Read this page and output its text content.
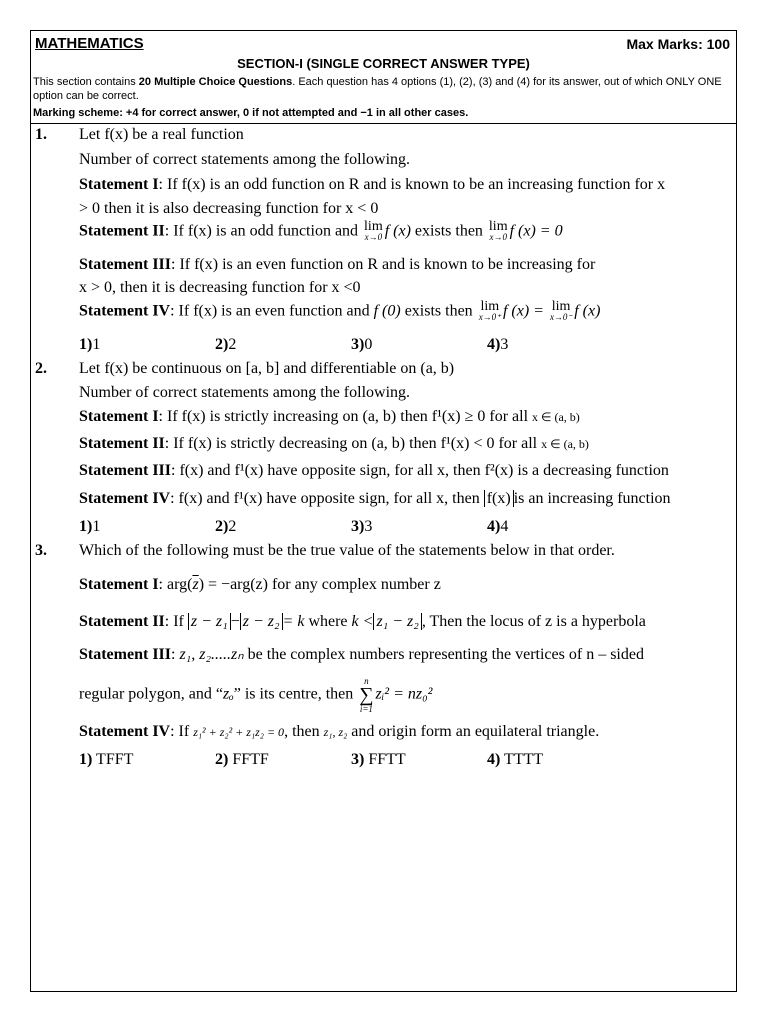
MATHEMATICS	Max Marks: 100
SECTION-I (SINGLE CORRECT ANSWER TYPE)
This section contains 20 Multiple Choice Questions. Each question has 4 options (1), (2), (3) and (4) for its answer, out of which ONLY ONE option can be correct.
Marking scheme: +4 for correct answer, 0 if not attempted and −1 in all other cases.
1. Let f(x) be a real function
Number of correct statements among the following.
Statement I: If f(x) is an odd function on R and is known to be an increasing function for x
> 0 then it is also decreasing function for x < 0
Statement II: If f(x) is an odd function and lim
x→0 f (x) exists then lim
x→0 f (x) = 0
Statement III: If f(x) is an even function on R and is known to be increasing for
x > 0, then it is decreasing function for x <0
Statement IV: If f(x) is an even function and f (0) exists then lim
x→0⁺ f (x) = lim
x→0⁻ f (x)
1)1	2)2	3)0	4)3
2. Let f(x) be continuous on [a, b] and differentiable on (a, b)
Number of correct statements among the following.
Statement I: If f(x) is strictly increasing on (a, b) then f¹(x) ≥ 0 for all x ∈ (a, b)
Statement II: If f(x) is strictly decreasing on (a, b) then f¹(x) < 0 for all x ∈ (a, b)
Statement III: f(x) and f¹(x) have opposite sign, for all x, then f²(x) is a decreasing function
Statement IV: f(x) and f¹(x) have opposite sign, for all x, then f(x) is an increasing function
1)1	2)2	3)3	4)4
3. Which of the following must be the true value of the statements below in that order.
Statement I: $arg(\overline{z}) = -arg(z)$ for any complex number z
Statement II: If z − z₁ − z − z₂ = k where k < z₁ − z₂ , Then the locus of z is a hyperbola
Statement III: z₁, z₂.....zₙ be the complex numbers representing the vertices of n – sided
regular polygon, and “zₒ” is its centre, then
n
∑
i=1
zᵢ² = nz₀²
Statement IV: If z₁² + z₂² + z₁z₂ = 0, then z₁, z₂ and origin form an equilateral triangle.
1) TFFT	2) FFTF	3) FFTT	4) TTTT
